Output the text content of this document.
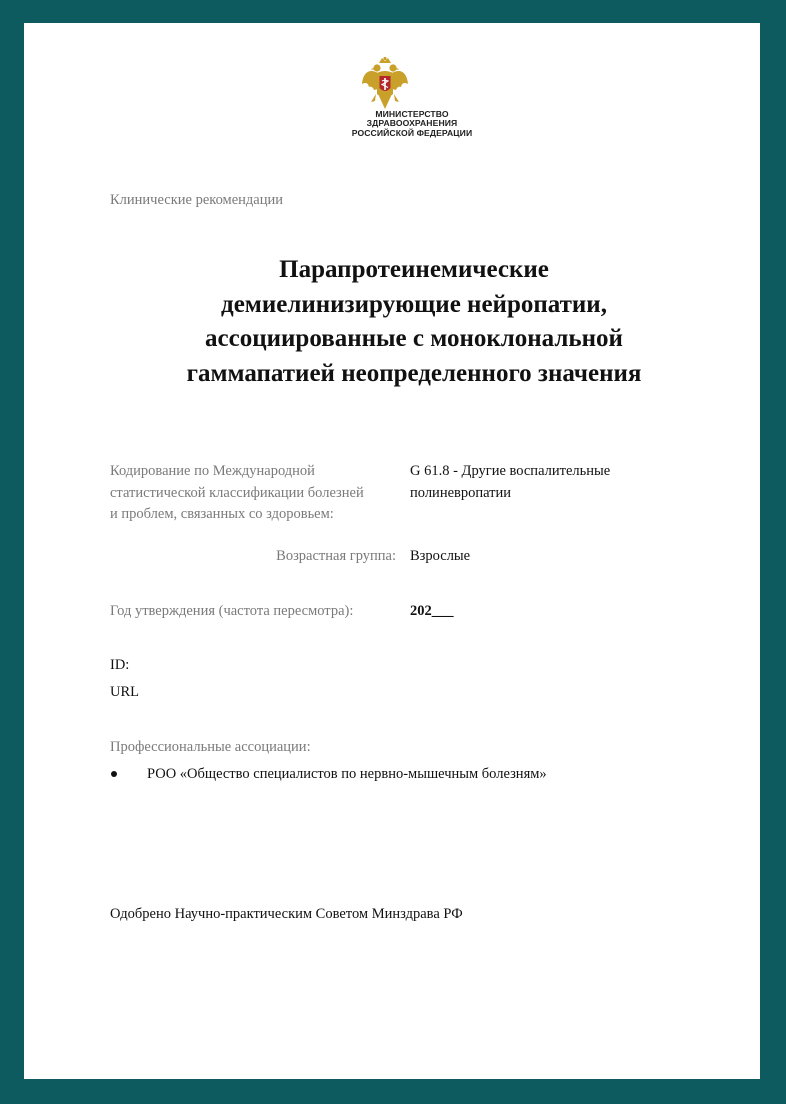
МИНИСТЕРСТВО
ЗДРАВООХРАНЕНИЯ
РОССИЙСКОЙ ФЕДЕРАЦИИ
Клинические рекомендации
Парапротеинемические
демиелинизирующие нейропатии,
ассоциированные с моноклональной
гаммапатией неопределенного значения
Кодирование по Международной
статистической классификации болезней
и проблем, связанных со здоровьем:
G 61.8 - Другие воспалительные
полиневропатии
Возрастная группа: Взрослые
Год утверждения (частота пересмотра):	202___
ID:
URL
Профессиональные ассоциации:
РОО «Общество специалистов по нервно-мышечным болезням»
Одобрено Научно-практическим Советом Минздрава РФ
